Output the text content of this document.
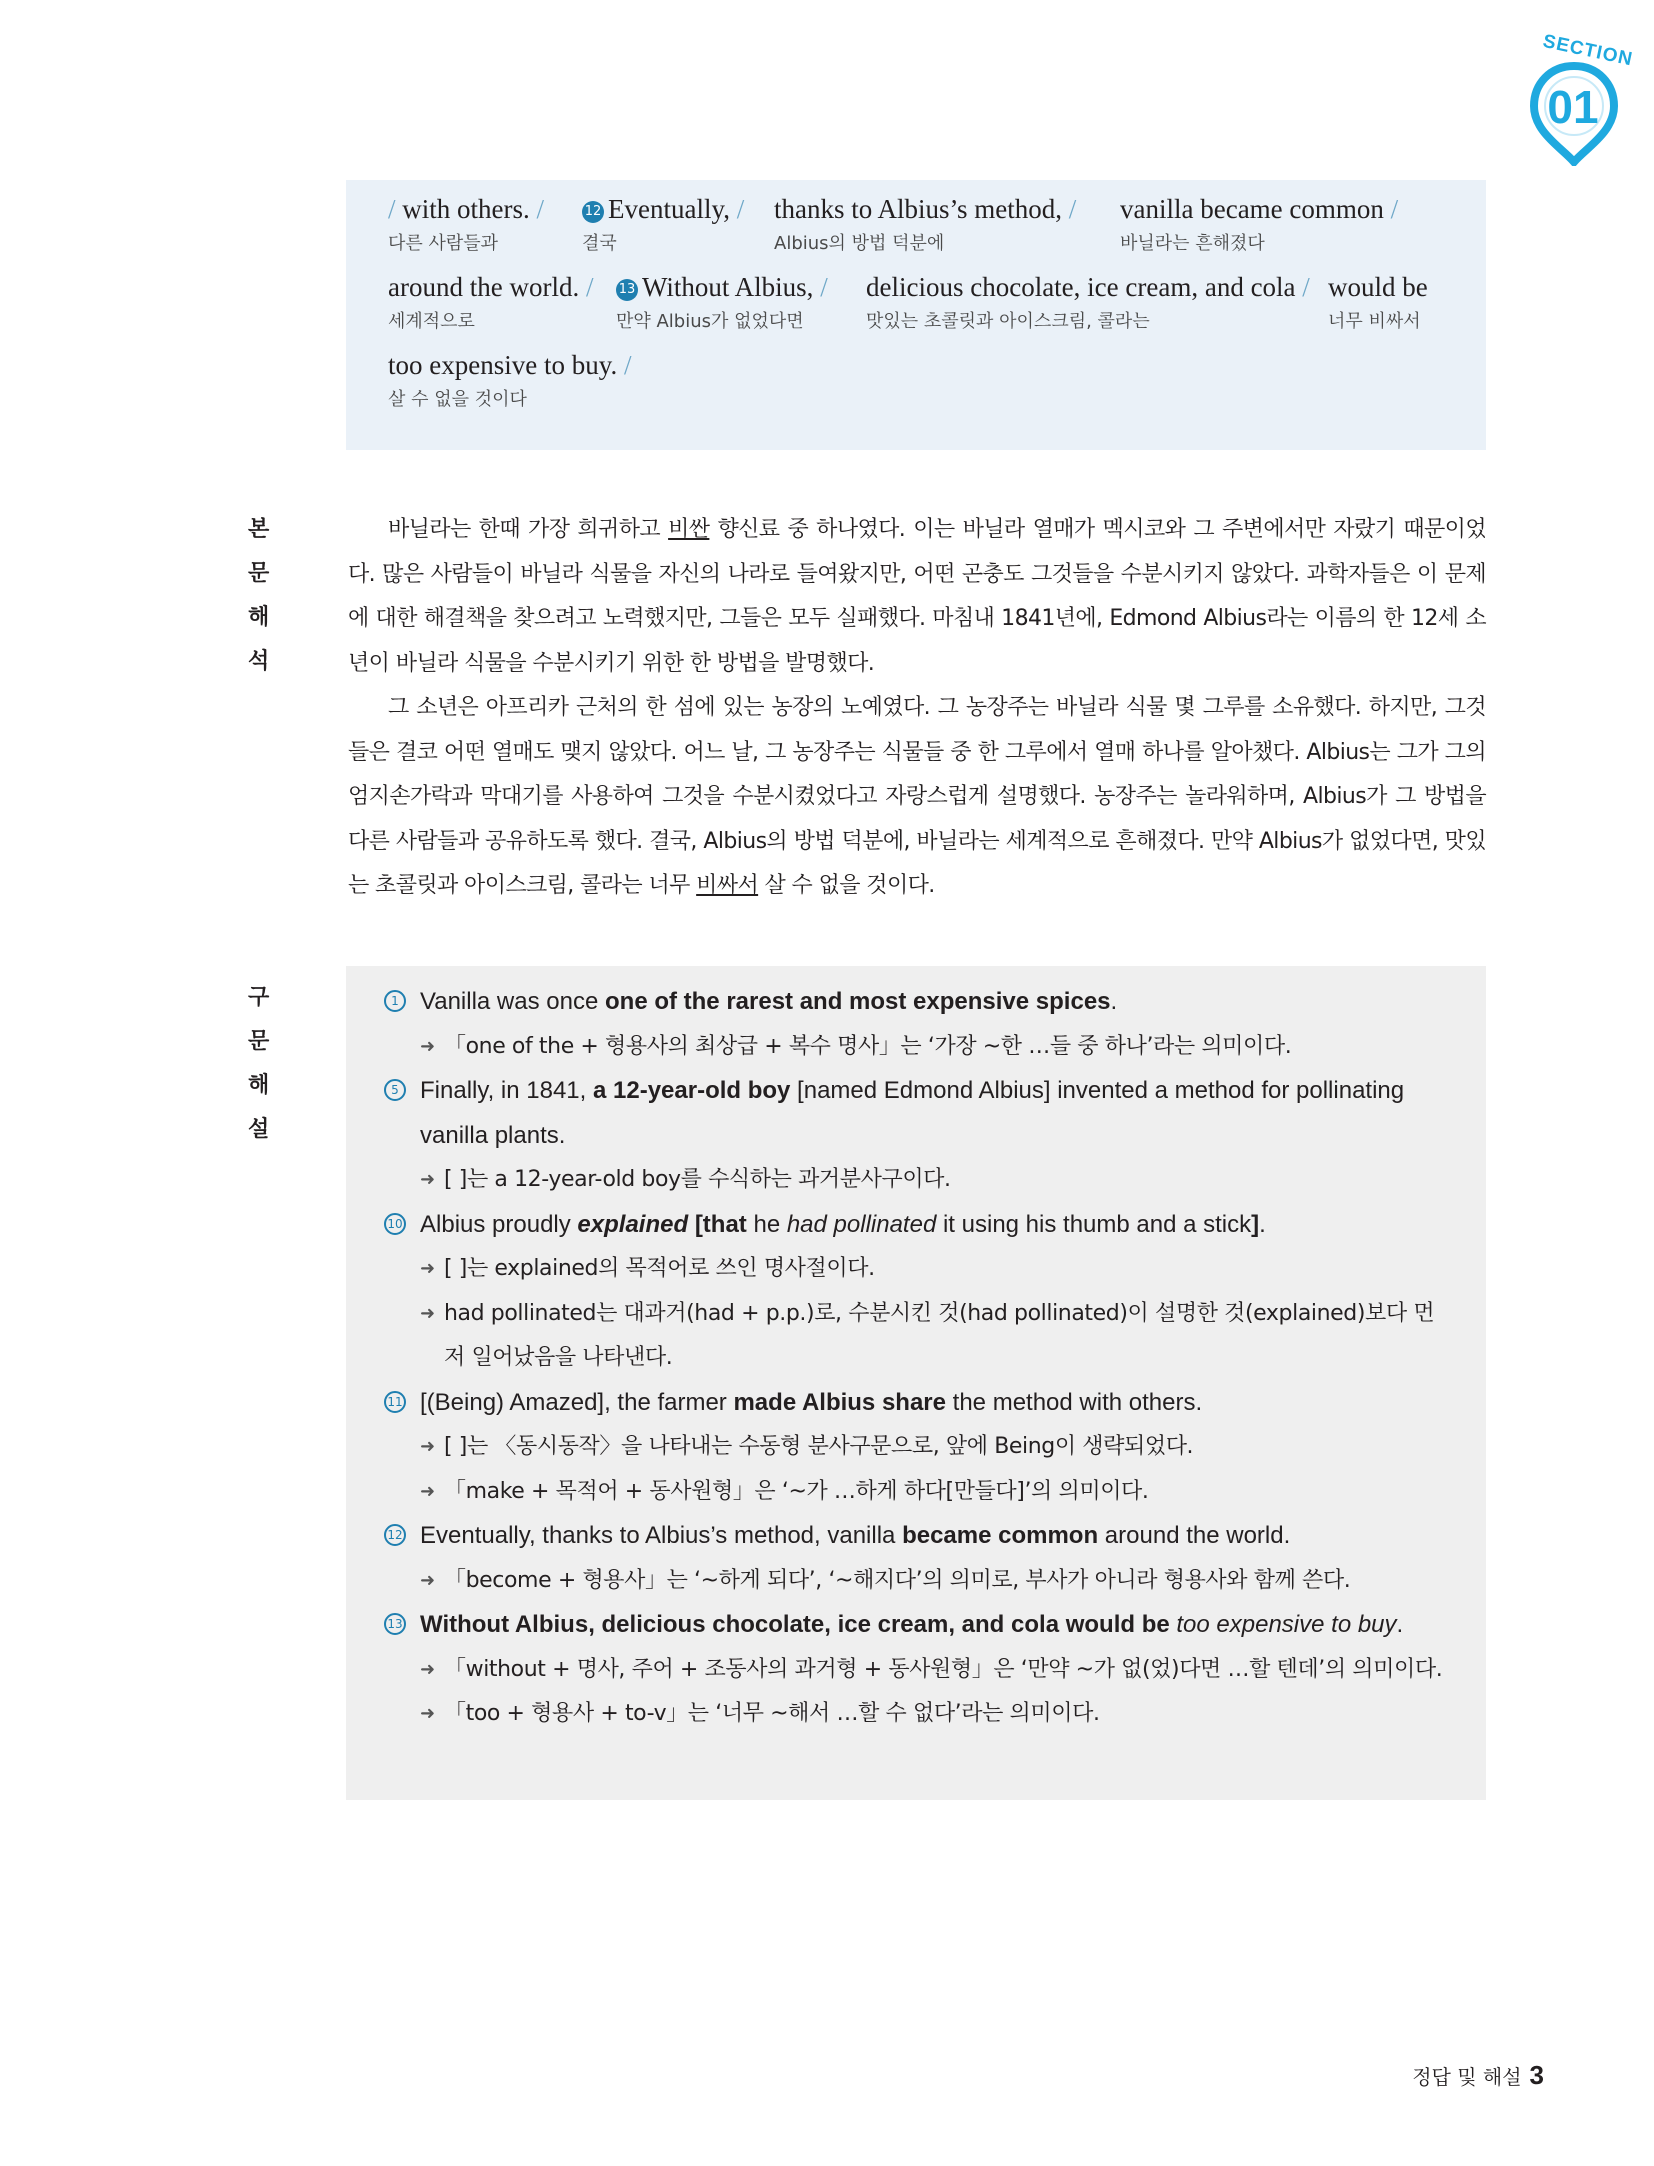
SECTION
01
/ with others. /
다른 사람들과
12 Eventually, /
결국
thanks to Albius’s method, /
Albius의 방법 덕분에
vanilla became common /
바닐라는 흔해졌다
around the world. /
세계적으로
13 Without Albius, /
만약 Albius가 없었다면
delicious chocolate, ice cream, and cola /
맛있는 초콜릿과 아이스크림, 콜라는
would be
너무 비싸서
too expensive to buy. /
살 수 없을 것이다
본 문 해 석

바닐라는 한때 가장 희귀하고 비싼 향신료 중 하나였다. 이는 바닐라 열매가 멕시코와 그 주변에서만 자랐기 때문이었다. 많은 사람들이 바닐라 식물을 자신의 나라로 들여왔지만, 어떤 곤충도 그것들을 수분시키지 않았다. 과학자들은 이 문제에 대한 해결책을 찾으려고 노력했지만, 그들은 모두 실패했다. 마침내 1841년에, Edmond Albius라는 이름의 한 12세 소년이 바닐라 식물을 수분시키기 위한 한 방법을 발명했다.

그 소년은 아프리카 근처의 한 섬에 있는 농장의 노예였다. 그 농장주는 바닐라 식물 몇 그루를 소유했다. 하지만, 그것들은 결코 어떤 열매도 맺지 않았다. 어느 날, 그 농장주는 식물들 중 한 그루에서 열매 하나를 알아챘다. Albius는 그가 그의 엄지손가락과 막대기를 사용하여 그것을 수분시켰었다고 자랑스럽게 설명했다. 농장주는 놀라워하며, Albius가 그 방법을 다른 사람들과 공유하도록 했다. 결국, Albius의 방법 덕분에, 바닐라는 세계적으로 흔해졌다. 만약 Albius가 없었다면, 맛있는 초콜릿과 아이스크림, 콜라는 너무 비싸서 살 수 없을 것이다.

구 문 해 설
1 Vanilla was once one of the rarest and most expensive spices.
➜ 「one of the + 형용사의 최상급 + 복수 명사」는 ‘가장 ~한 …들 중 하나’라는 의미이다.
5 Finally, in 1841, a 12-year-old boy [named Edmond Albius] invented a method for pollinating vanilla plants.
➜ [ ]는 a 12-year-old boy를 수식하는 과거분사구이다.
10 Albius proudly explained [that he had pollinated it using his thumb and a stick].
➜ [ ]는 explained의 목적어로 쓰인 명사절이다.
➜ had pollinated는 대과거(had + p.p.)로, 수분시킨 것(had pollinated)이 설명한 것(explained)보다 먼저 일어났음을 나타낸다.
11 [(Being) Amazed], the farmer made Albius share the method with others.
➜ [ ]는 〈동시동작〉을 나타내는 수동형 분사구문으로, 앞에 Being이 생략되었다.
➜ 「make + 목적어 + 동사원형」은 ‘~가 …하게 하다[만들다]’의 의미이다.
12 Eventually, thanks to Albius’s method, vanilla became common around the world.
➜ 「become + 형용사」는 ‘~하게 되다’, ‘~해지다’의 의미로, 부사가 아니라 형용사와 함께 쓴다.
13 Without Albius, delicious chocolate, ice cream, and cola would be too expensive to buy.
➜ 「without + 명사, 주어 + 조동사의 과거형 + 동사원형」은 ‘만약 ~가 없(었)다면 …할 텐데’의 의미이다.
➜ 「too + 형용사 + to-v」는 ‘너무 ~해서 …할 수 없다’라는 의미이다.
정답 및 해설 3
